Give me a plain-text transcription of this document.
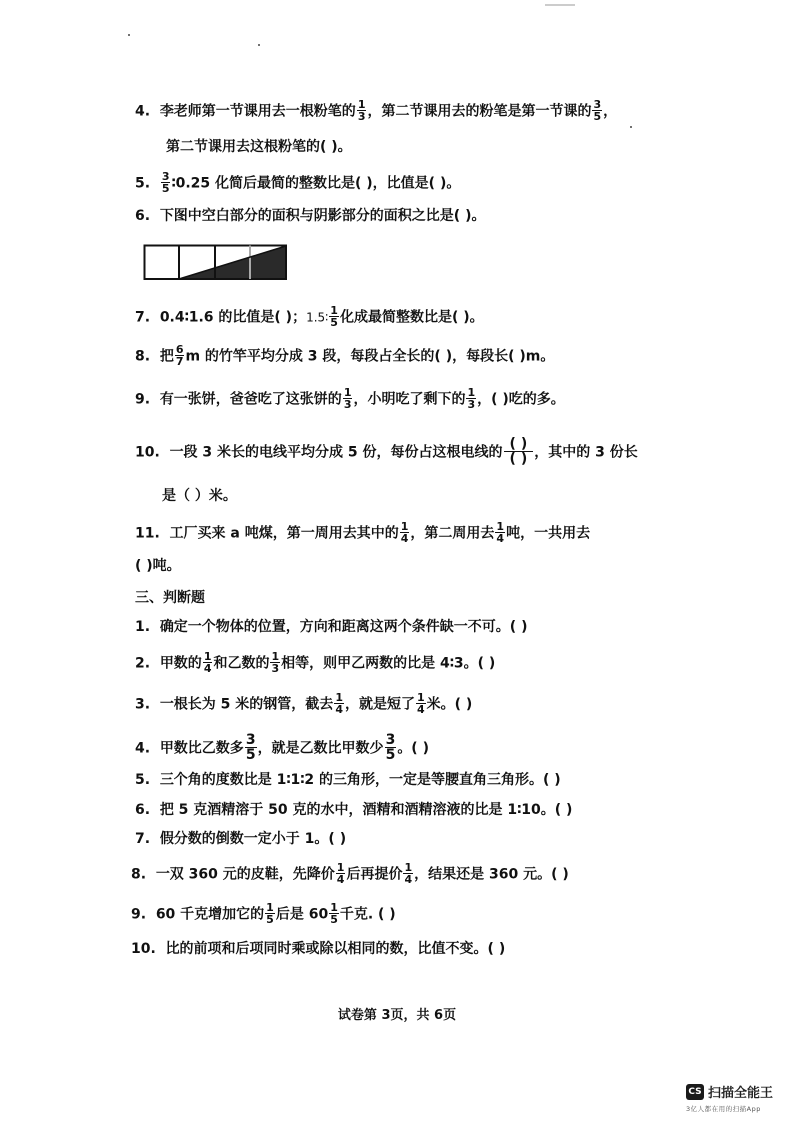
4. 李老师第一节课用去一根粉笔的 $\frac{1}{3}$ ，第二节课用去的粉笔是第一节课的 $\frac{3}{5}$ ，
第二节课用去这根粉笔的( )。
5. $\frac{3}{5}$ ∶0.25 化简后最简的整数比是( )，比值是( )。
6. 下图中空白部分的面积与阴影部分的面积之比是( )。
7. 0.4∶1.6 的比值是( )；1.5∶ $\frac{1}{5}$ 化成最简整数比是( )。
8. 把 $\frac{6}{7}$ m 的竹竿平均分成 3 段，每段占全长的( )，每段长( )m。
9. 有一张饼，爸爸吃了这张饼的 $\frac{1}{3}$ ，小明吃了剩下的 $\frac{1}{3}$ ，( )吃的多。
10. 一段 3 米长的电线平均分成 5 份，每份占这根电线的 $\frac{( )}{( )}$ ，其中的 3 份长
是（ ）米。
11. 工厂买来 a 吨煤，第一周用去其中的 $\frac{1}{4}$ ，第二周用去 $\frac{1}{4}$ 吨，一共用去
( )吨。
三、判断题
1. 确定一个物体的位置，方向和距离这两个条件缺一不可。( )
2. 甲数的 $\frac{1}{4}$ 和乙数的 $\frac{1}{3}$ 相等，则甲乙两数的比是 4∶3。( )
3. 一根长为 5 米的钢管，截去 $\frac{1}{4}$ ，就是短了 $\frac{1}{4}$ 米。( )
4. 甲数比乙数多 $\frac{3}{5}$ ，就是乙数比甲数少 $\frac{3}{5}$ 。( )
5. 三个角的度数比是 1∶1∶2 的三角形，一定是等腰直角三角形。( )
6. 把 5 克酒精溶于 50 克的水中，酒精和酒精溶液的比是 1∶10。( )
7. 假分数的倒数一定小于 1。( )
8. 一双 360 元的皮鞋，先降价 $\frac{1}{4}$ 后再提价 $\frac{1}{4}$ ，结果还是 360 元。( )
9. 60 千克增加它的 $\frac{1}{5}$ 后是 $60 \frac{1}{5}$ 千克. ( )
10. 比的前项和后项同时乘或除以相同的数，比值不变。( )
试卷第 3页，共 6页
CS 扫描全能王
3亿人都在用的扫描App
